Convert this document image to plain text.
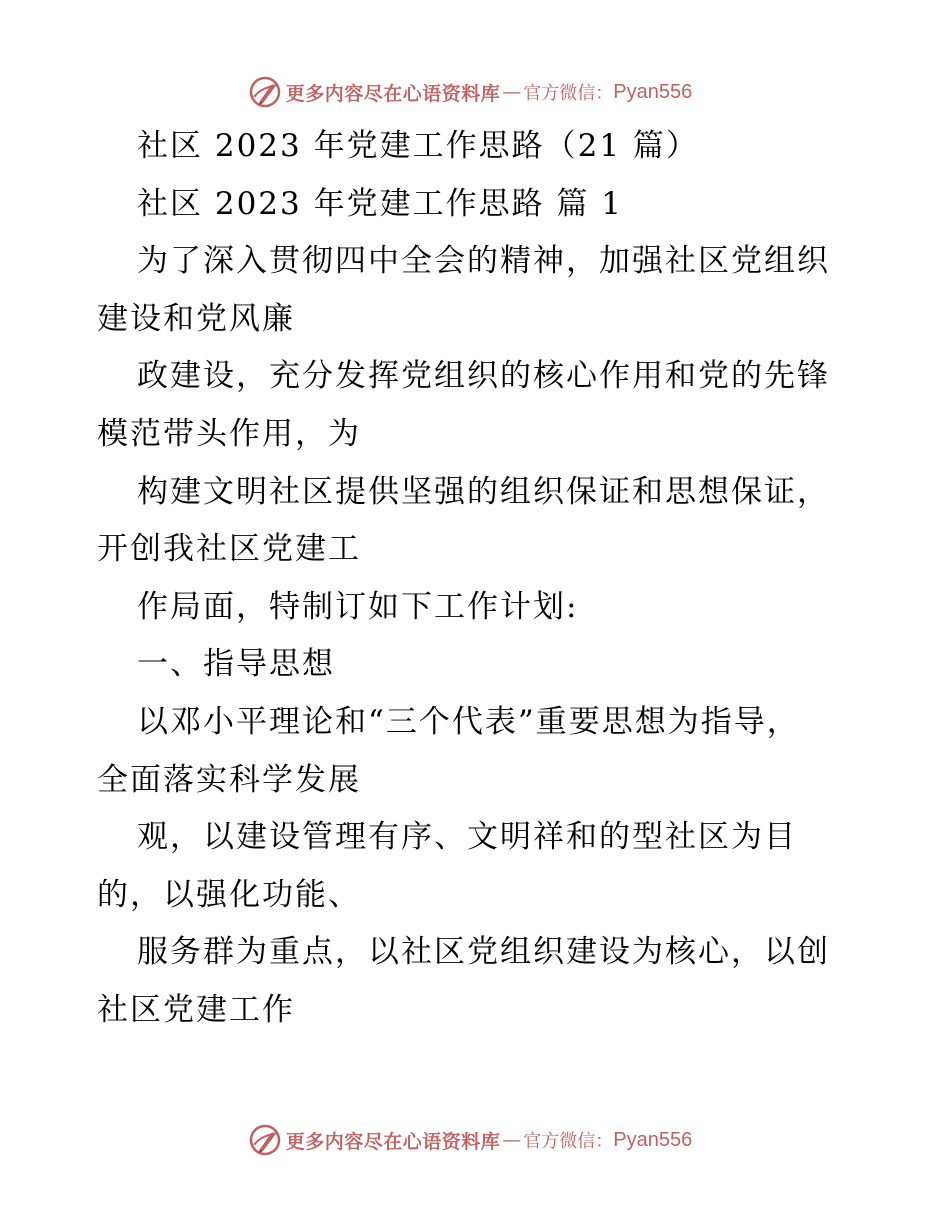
更多内容尽在心语资料库 — 官方微信： Pyan556
社区 2023 年党建工作思路（21 篇）
社区 2023 年党建工作思路 篇 1
为了深入贯彻四中全会的精神，加强社区党组织
建设和党风廉
政建设，充分发挥党组织的核心作用和党的先锋
模范带头作用，为
构建文明社区提供坚强的组织保证和思想保证，
开创我社区党建工
作局面，特制订如下工作计划:
一、指导思想
以邓小平理论和“三个代表”重要思想为指导，
全面落实科学发展
观，以建设管理有序、文明祥和的型社区为目
的，以强化功能、
服务群为重点，以社区党组织建设为核心，以创
社区党建工作
更多内容尽在心语资料库 — 官方微信： Pyan556
